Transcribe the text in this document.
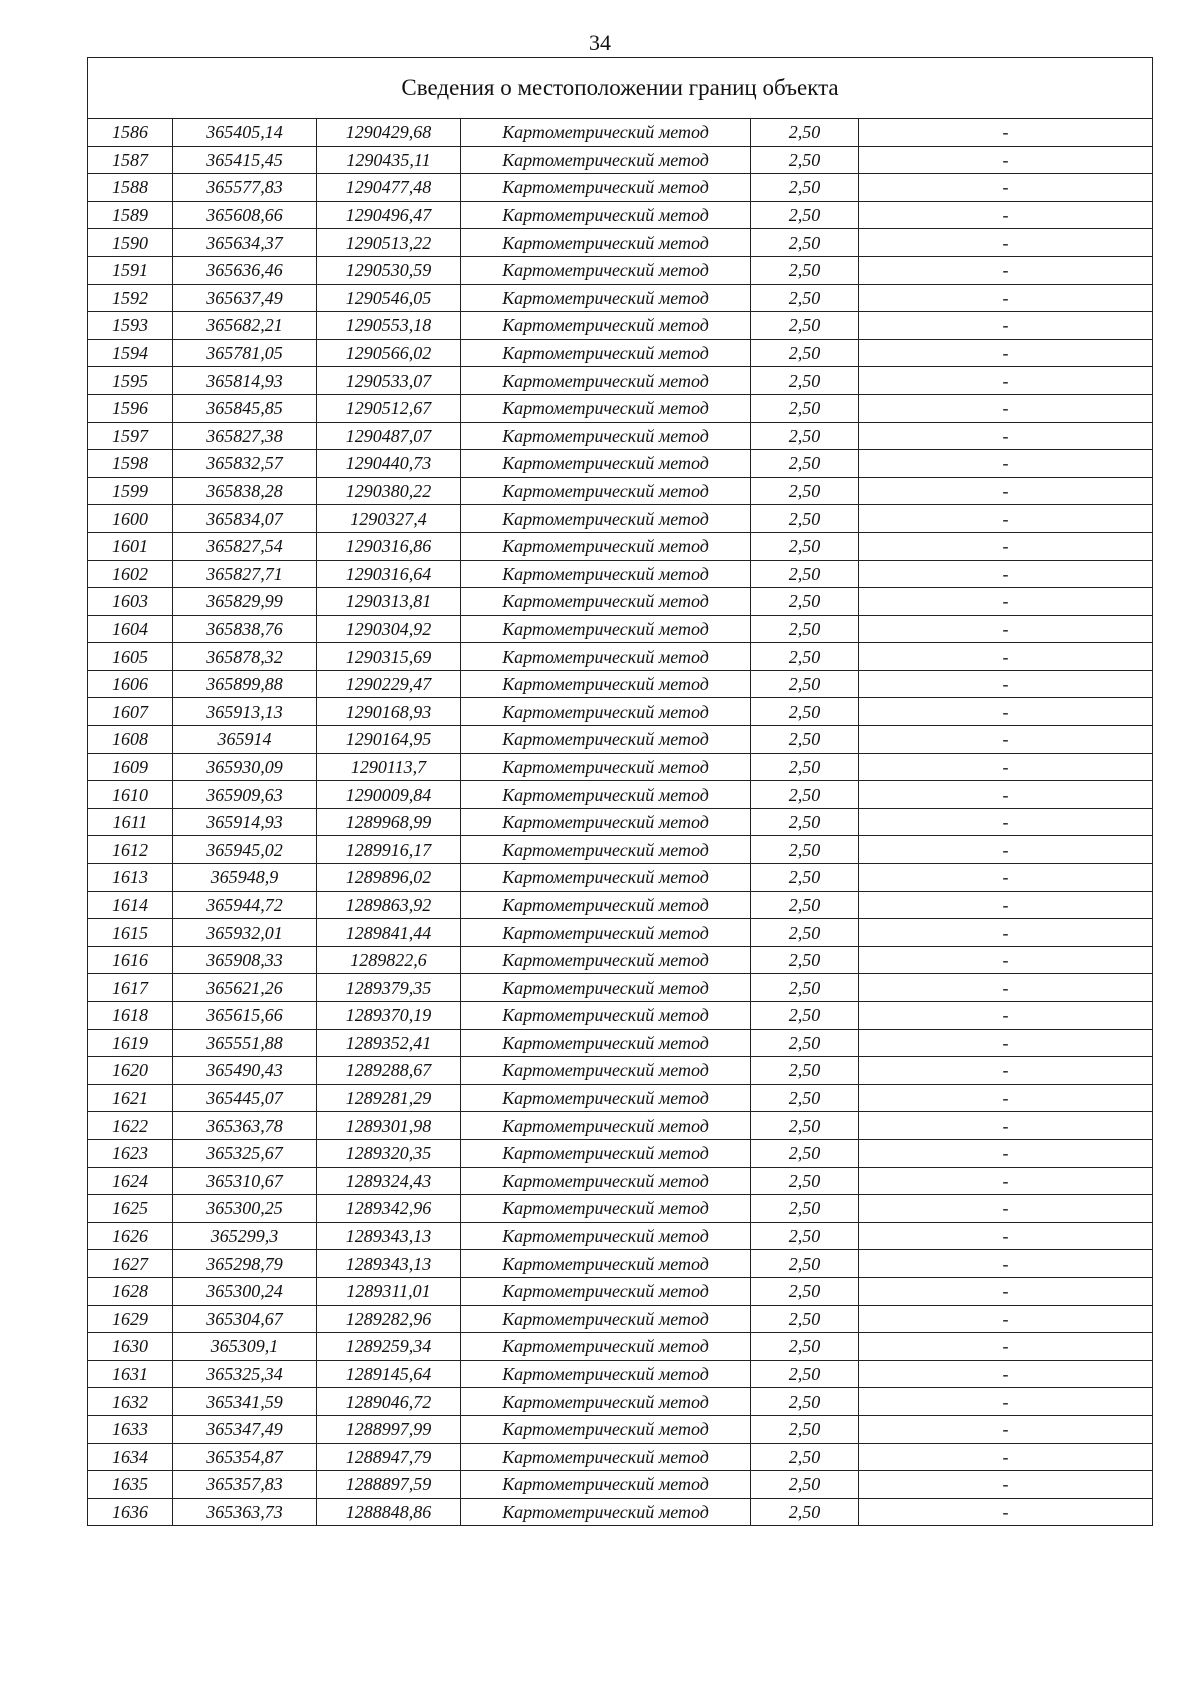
34
Сведения о местоположении границ объекта					
1586	365405,14	1290429,68	Картометрический метод	2,50	-
1587	365415,45	1290435,11	Картометрический метод	2,50	-
1588	365577,83	1290477,48	Картометрический метод	2,50	-
1589	365608,66	1290496,47	Картометрический метод	2,50	-
1590	365634,37	1290513,22	Картометрический метод	2,50	-
1591	365636,46	1290530,59	Картометрический метод	2,50	-
1592	365637,49	1290546,05	Картометрический метод	2,50	-
1593	365682,21	1290553,18	Картометрический метод	2,50	-
1594	365781,05	1290566,02	Картометрический метод	2,50	-
1595	365814,93	1290533,07	Картометрический метод	2,50	-
1596	365845,85	1290512,67	Картометрический метод	2,50	-
1597	365827,38	1290487,07	Картометрический метод	2,50	-
1598	365832,57	1290440,73	Картометрический метод	2,50	-
1599	365838,28	1290380,22	Картометрический метод	2,50	-
1600	365834,07	1290327,4	Картометрический метод	2,50	-
1601	365827,54	1290316,86	Картометрический метод	2,50	-
1602	365827,71	1290316,64	Картометрический метод	2,50	-
1603	365829,99	1290313,81	Картометрический метод	2,50	-
1604	365838,76	1290304,92	Картометрический метод	2,50	-
1605	365878,32	1290315,69	Картометрический метод	2,50	-
1606	365899,88	1290229,47	Картометрический метод	2,50	-
1607	365913,13	1290168,93	Картометрический метод	2,50	-
1608	365914	1290164,95	Картометрический метод	2,50	-
1609	365930,09	1290113,7	Картометрический метод	2,50	-
1610	365909,63	1290009,84	Картометрический метод	2,50	-
1611	365914,93	1289968,99	Картометрический метод	2,50	-
1612	365945,02	1289916,17	Картометрический метод	2,50	-
1613	365948,9	1289896,02	Картометрический метод	2,50	-
1614	365944,72	1289863,92	Картометрический метод	2,50	-
1615	365932,01	1289841,44	Картометрический метод	2,50	-
1616	365908,33	1289822,6	Картометрический метод	2,50	-
1617	365621,26	1289379,35	Картометрический метод	2,50	-
1618	365615,66	1289370,19	Картометрический метод	2,50	-
1619	365551,88	1289352,41	Картометрический метод	2,50	-
1620	365490,43	1289288,67	Картометрический метод	2,50	-
1621	365445,07	1289281,29	Картометрический метод	2,50	-
1622	365363,78	1289301,98	Картометрический метод	2,50	-
1623	365325,67	1289320,35	Картометрический метод	2,50	-
1624	365310,67	1289324,43	Картометрический метод	2,50	-
1625	365300,25	1289342,96	Картометрический метод	2,50	-
1626	365299,3	1289343,13	Картометрический метод	2,50	-
1627	365298,79	1289343,13	Картометрический метод	2,50	-
1628	365300,24	1289311,01	Картометрический метод	2,50	-
1629	365304,67	1289282,96	Картометрический метод	2,50	-
1630	365309,1	1289259,34	Картометрический метод	2,50	-
1631	365325,34	1289145,64	Картометрический метод	2,50	-
1632	365341,59	1289046,72	Картометрический метод	2,50	-
1633	365347,49	1288997,99	Картометрический метод	2,50	-
1634	365354,87	1288947,79	Картометрический метод	2,50	-
1635	365357,83	1288897,59	Картометрический метод	2,50	-
1636	365363,73	1288848,86	Картометрический метод	2,50	-
